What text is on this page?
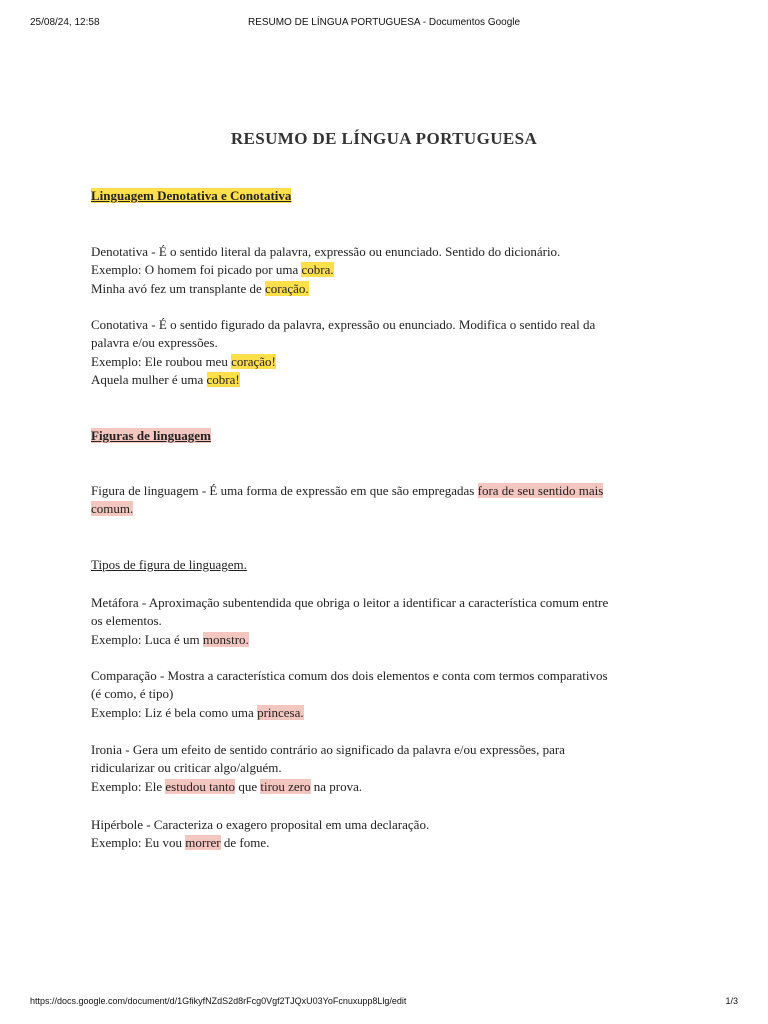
25/08/24, 12:58	RESUMO DE LÍNGUA PORTUGUESA - Documentos Google
RESUMO DE LÍNGUA PORTUGUESA
Linguagem Denotativa e Conotativa

Denotativa - É o sentido literal da palavra, expressão ou enunciado. Sentido do dicionário.

Exemplo: O homem foi picado por uma cobra.

Minha avó fez um transplante de coração.

Conotativa - É o sentido figurado da palavra, expressão ou enunciado. Modifica o sentido real da

palavra e/ou expressões.

Exemplo: Ele roubou meu coração!

Aquela mulher é uma cobra!

Figuras de linguagem

Figura de linguagem - É uma forma de expressão em que são empregadas fora de seu sentido mais

comum.

Tipos de figura de linguagem.

Metáfora - Aproximação subentendida que obriga o leitor a identificar a característica comum entre

os elementos.

Exemplo: Luca é um monstro.

Comparação - Mostra a característica comum dos dois elementos e conta com termos comparativos

(é como, é tipo)

Exemplo: Liz é bela como uma princesa.

Ironia - Gera um efeito de sentido contrário ao significado da palavra e/ou expressões, para

ridicularizar ou criticar algo/alguém.

Exemplo: Ele estudou tanto que tirou zero na prova.

Hipérbole - Caracteriza o exagero proposital em uma declaração.

Exemplo: Eu vou morrer de fome.

https://docs.google.com/document/d/1GfikyfNZdS2d8rFcg0Vgf2TJQxU03YoFcnuxupp8Llg/edit	1/3
